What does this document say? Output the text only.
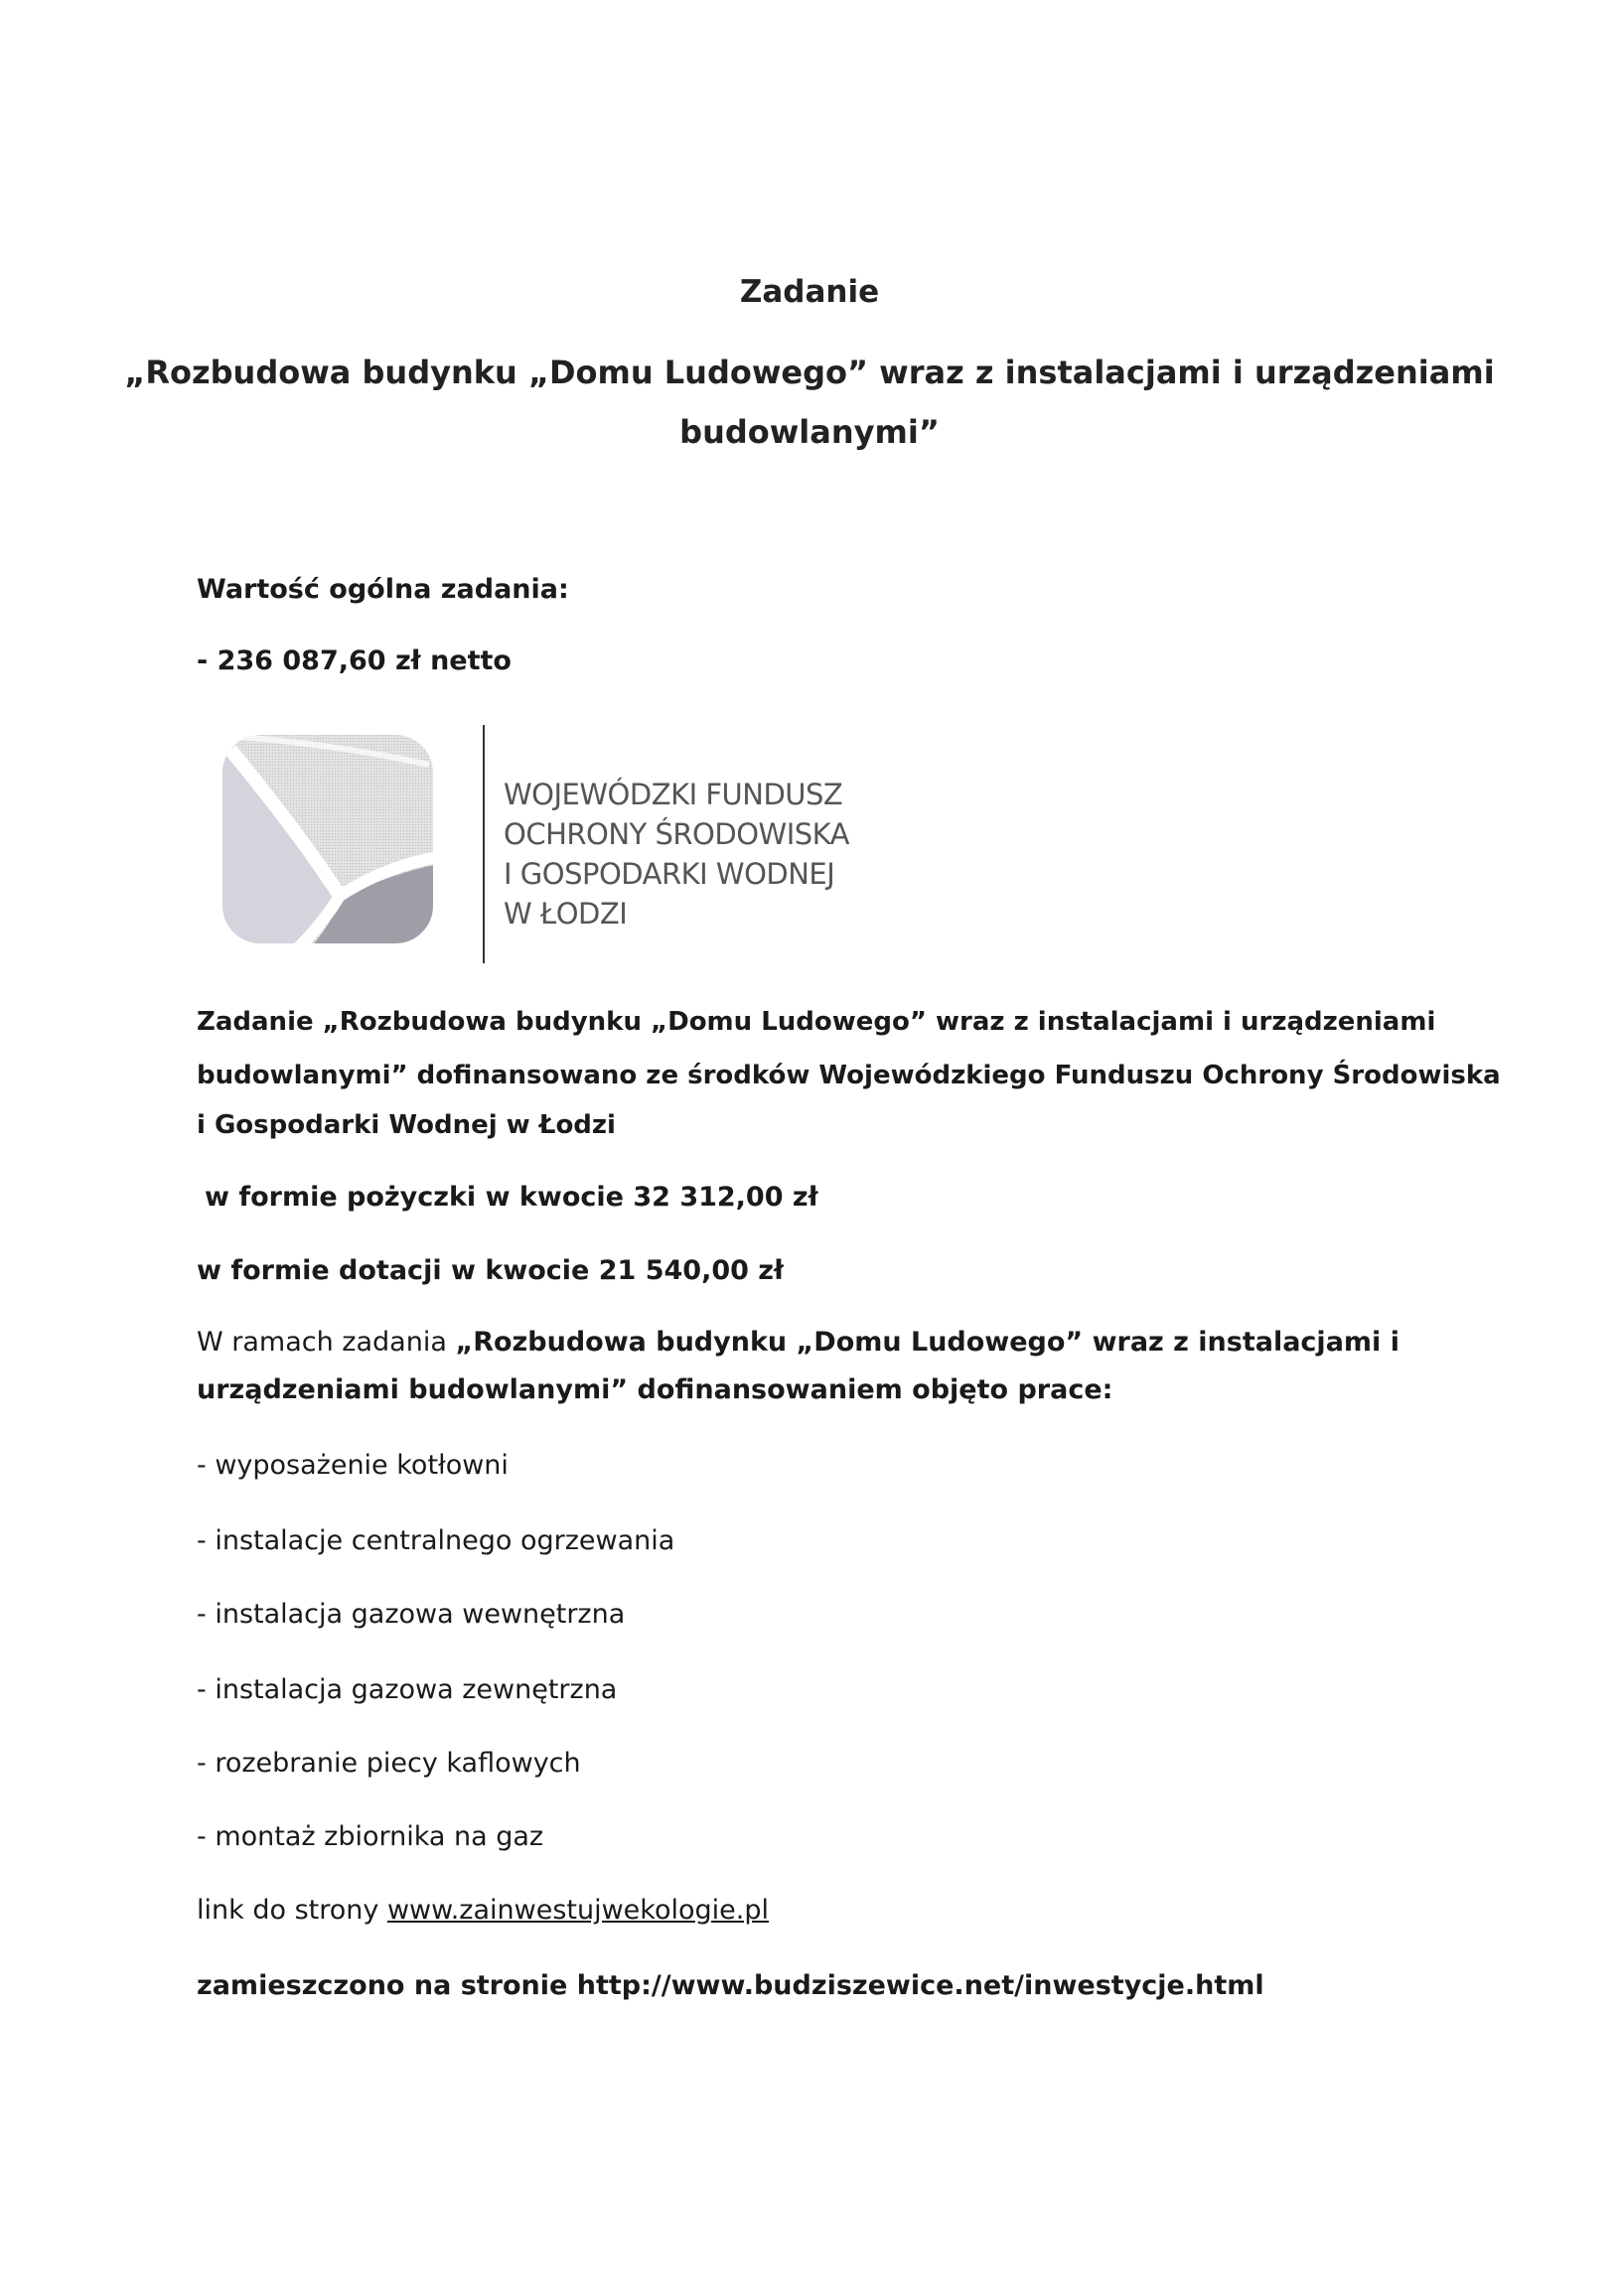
Zadanie
„Rozbudowa budynku „Domu Ludowego” wraz z instalacjami i urządzeniami
budowlanymi”
Wartość ogólna zadania:
- 236 087,60 zł netto
WOJEWÓDZKI FUNDUSZ
OCHRONY ŚRODOWISKA
I GOSPODARKI WODNEJ
W ŁODZI
Zadanie „Rozbudowa budynku „Domu Ludowego” wraz z instalacjami i urządzeniami
budowlanymi” dofinansowano ze środków Wojewódzkiego Funduszu Ochrony Środowiska
i Gospodarki Wodnej w Łodzi
w formie pożyczki w kwocie 32 312,00 zł
w formie dotacji w kwocie 21 540,00 zł
W ramach zadania „Rozbudowa budynku „Domu Ludowego” wraz z instalacjami i
urządzeniami budowlanymi” dofinansowaniem objęto prace:
- wyposażenie kotłowni
- instalacje centralnego ogrzewania
- instalacja gazowa wewnętrzna
- instalacja gazowa zewnętrzna
- rozebranie piecy kaflowych
- montaż zbiornika na gaz
link do strony www.zainwestujwekologie.pl
zamieszczono na stronie http://www.budziszewice.net/inwestycje.html
